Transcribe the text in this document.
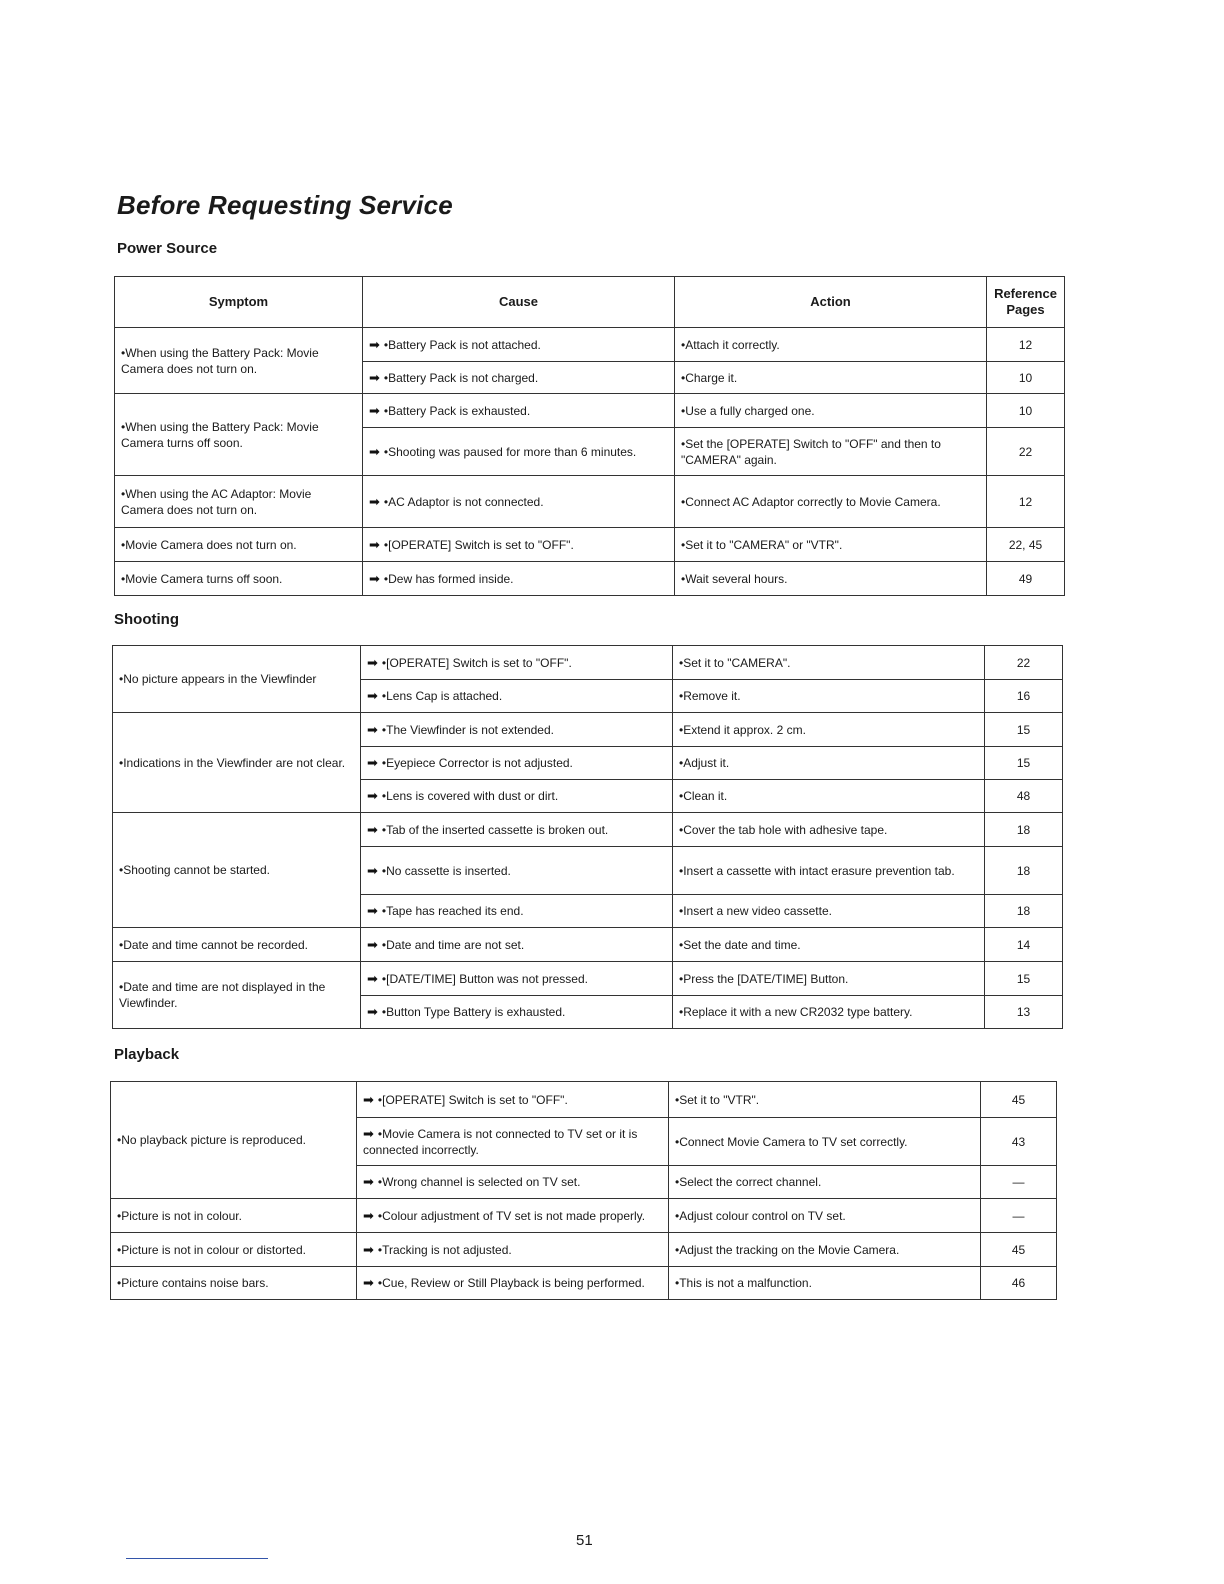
Before Requesting Service
Power Source
Symptom	Cause	Action	Reference Pages
•When using the Battery Pack: Movie Camera does not turn on.	➡ •Battery Pack is not attached.	•Attach it correctly.	12
	➡ •Battery Pack is not charged.	•Charge it.	10
•When using the Battery Pack: Movie Camera turns off soon.	➡ •Battery Pack is exhausted.	•Use a fully charged one.	10
	➡ •Shooting was paused for more than 6 minutes.	•Set the [OPERATE] Switch to "OFF" and then to "CAMERA" again.	22
•When using the AC Adaptor: Movie Camera does not turn on.	➡ •AC Adaptor is not connected.	•Connect AC Adaptor correctly to Movie Camera.	12
•Movie Camera does not turn on.	➡ •[OPERATE] Switch is set to "OFF".	•Set it to "CAMERA" or "VTR".	22, 45
•Movie Camera turns off soon.	➡ •Dew has formed inside.	•Wait several hours.	49
Shooting
•No picture appears in the Viewfinder	➡ •[OPERATE] Switch is set to "OFF".	•Set it to "CAMERA".	22
	➡ •Lens Cap is attached.	•Remove it.	16
•Indications in the Viewfinder are not clear.	➡ •The Viewfinder is not extended.	•Extend it approx. 2 cm.	15
	➡ •Eyepiece Corrector is not adjusted.	•Adjust it.	15
	➡ •Lens is covered with dust or dirt.	•Clean it.	48
•Shooting cannot be started.	➡ •Tab of the inserted cassette is broken out.	•Cover the tab hole with adhesive tape.	18
	➡ •No cassette is inserted.	•Insert a cassette with intact erasure prevention tab.	18
	➡ •Tape has reached its end.	•Insert a new video cassette.	18
•Date and time cannot be recorded.	➡ •Date and time are not set.	•Set the date and time.	14
•Date and time are not displayed in the Viewfinder.	➡ •[DATE/TIME] Button was not pressed.	•Press the [DATE/TIME] Button.	15
	➡ •Button Type Battery is exhausted.	•Replace it with a new CR2032 type battery.	13
Playback
•No playback picture is reproduced.	➡ •[OPERATE] Switch is set to "OFF".	•Set it to "VTR".	45
	➡ •Movie Camera is not connected to TV set or it is connected incorrectly.	•Connect Movie Camera to TV set correctly.	43
	➡ •Wrong channel is selected on TV set.	•Select the correct channel.	—
•Picture is not in colour.	➡ •Colour adjustment of TV set is not made properly.	•Adjust colour control on TV set.	—
•Picture is not in colour or distorted.	➡ •Tracking is not adjusted.	•Adjust the tracking on the Movie Camera.	45
•Picture contains noise bars.	➡ •Cue, Review or Still Playback is being performed.	•This is not a malfunction.	46
51
